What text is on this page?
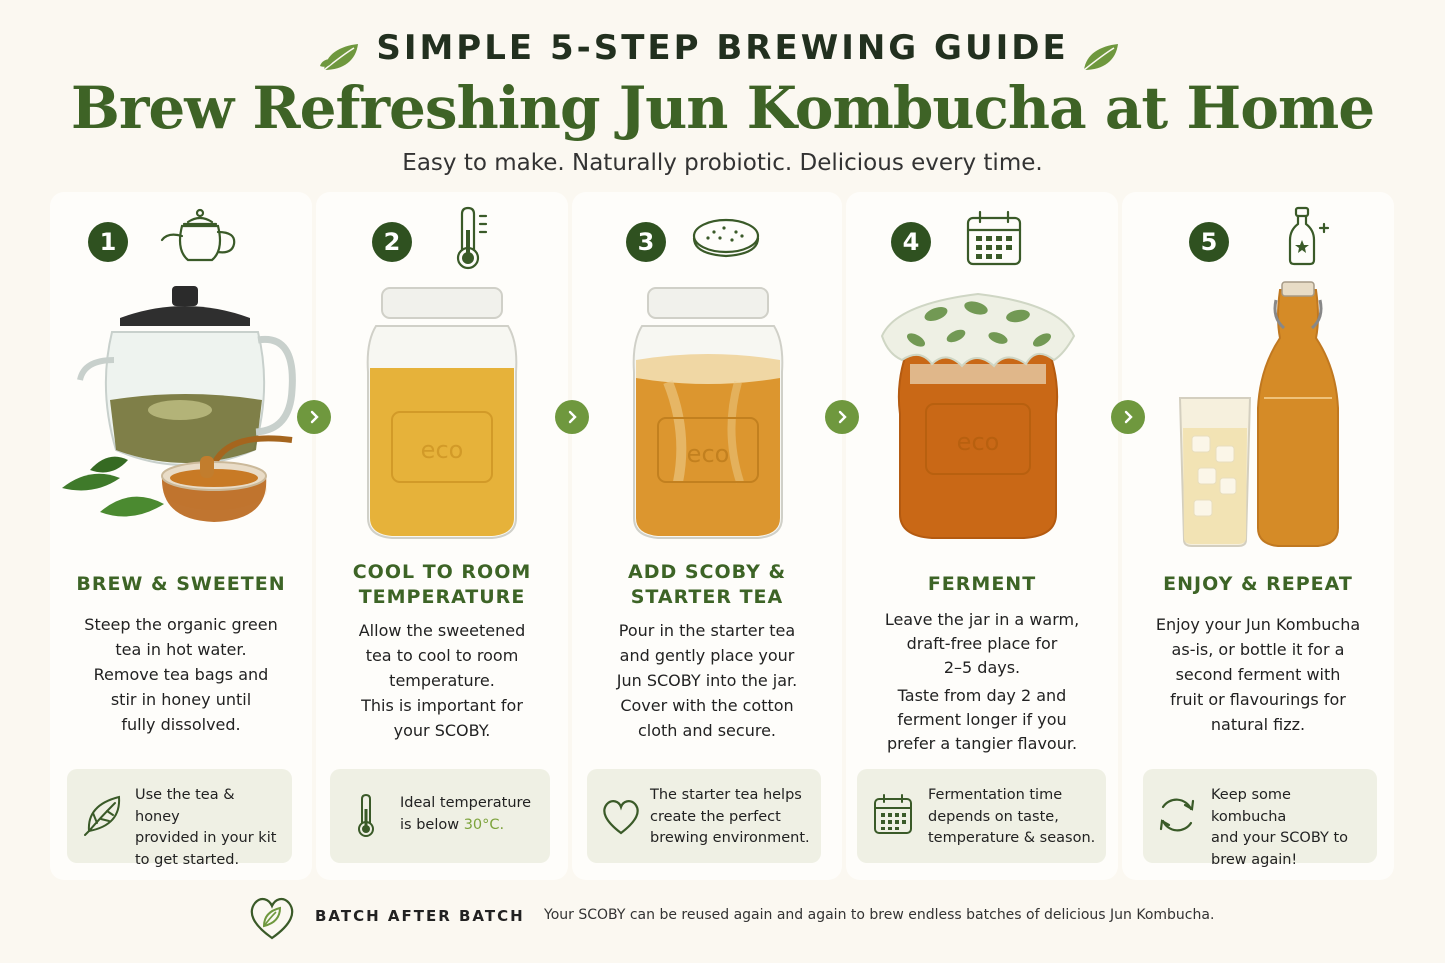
SIMPLE 5-STEP BREWING GUIDE
Brew Refreshing Jun Kombucha at Home
Easy to make. Naturally probiotic. Delicious every time.
1
BREW & SWEETEN

Steep the organic green

tea in hot water.

Remove tea bags and

stir in honey until

fully dissolved.

Use the tea & honey
provided in your kit
to get started.
2
eco
COOL TO ROOM
TEMPERATURE

Allow the sweetened

tea to cool to room

temperature.

This is important for

your SCOBY.

Ideal temperature
is below 30°C.
3
eco
ADD SCOBY &
STARTER TEA

Pour in the starter tea

and gently place your

Jun SCOBY into the jar.

Cover with the cotton

cloth and secure.

The starter tea helps
create the perfect
brewing environment.
4
eco
FERMENT

Leave the jar in a warm,

draft-free place for

2–5 days.

Taste from day 2 and

ferment longer if you

prefer a tangier flavour.

Fermentation time
depends on taste,
temperature & season.
5
ENJOY & REPEAT

Enjoy your Jun Kombucha

as-is, or bottle it for a

second ferment with

fruit or flavourings for

natural fizz.

Keep some kombucha
and your SCOBY to
brew again!
BATCH AFTER BATCH Your SCOBY can be reused again and again to brew endless batches of delicious Jun Kombucha.
